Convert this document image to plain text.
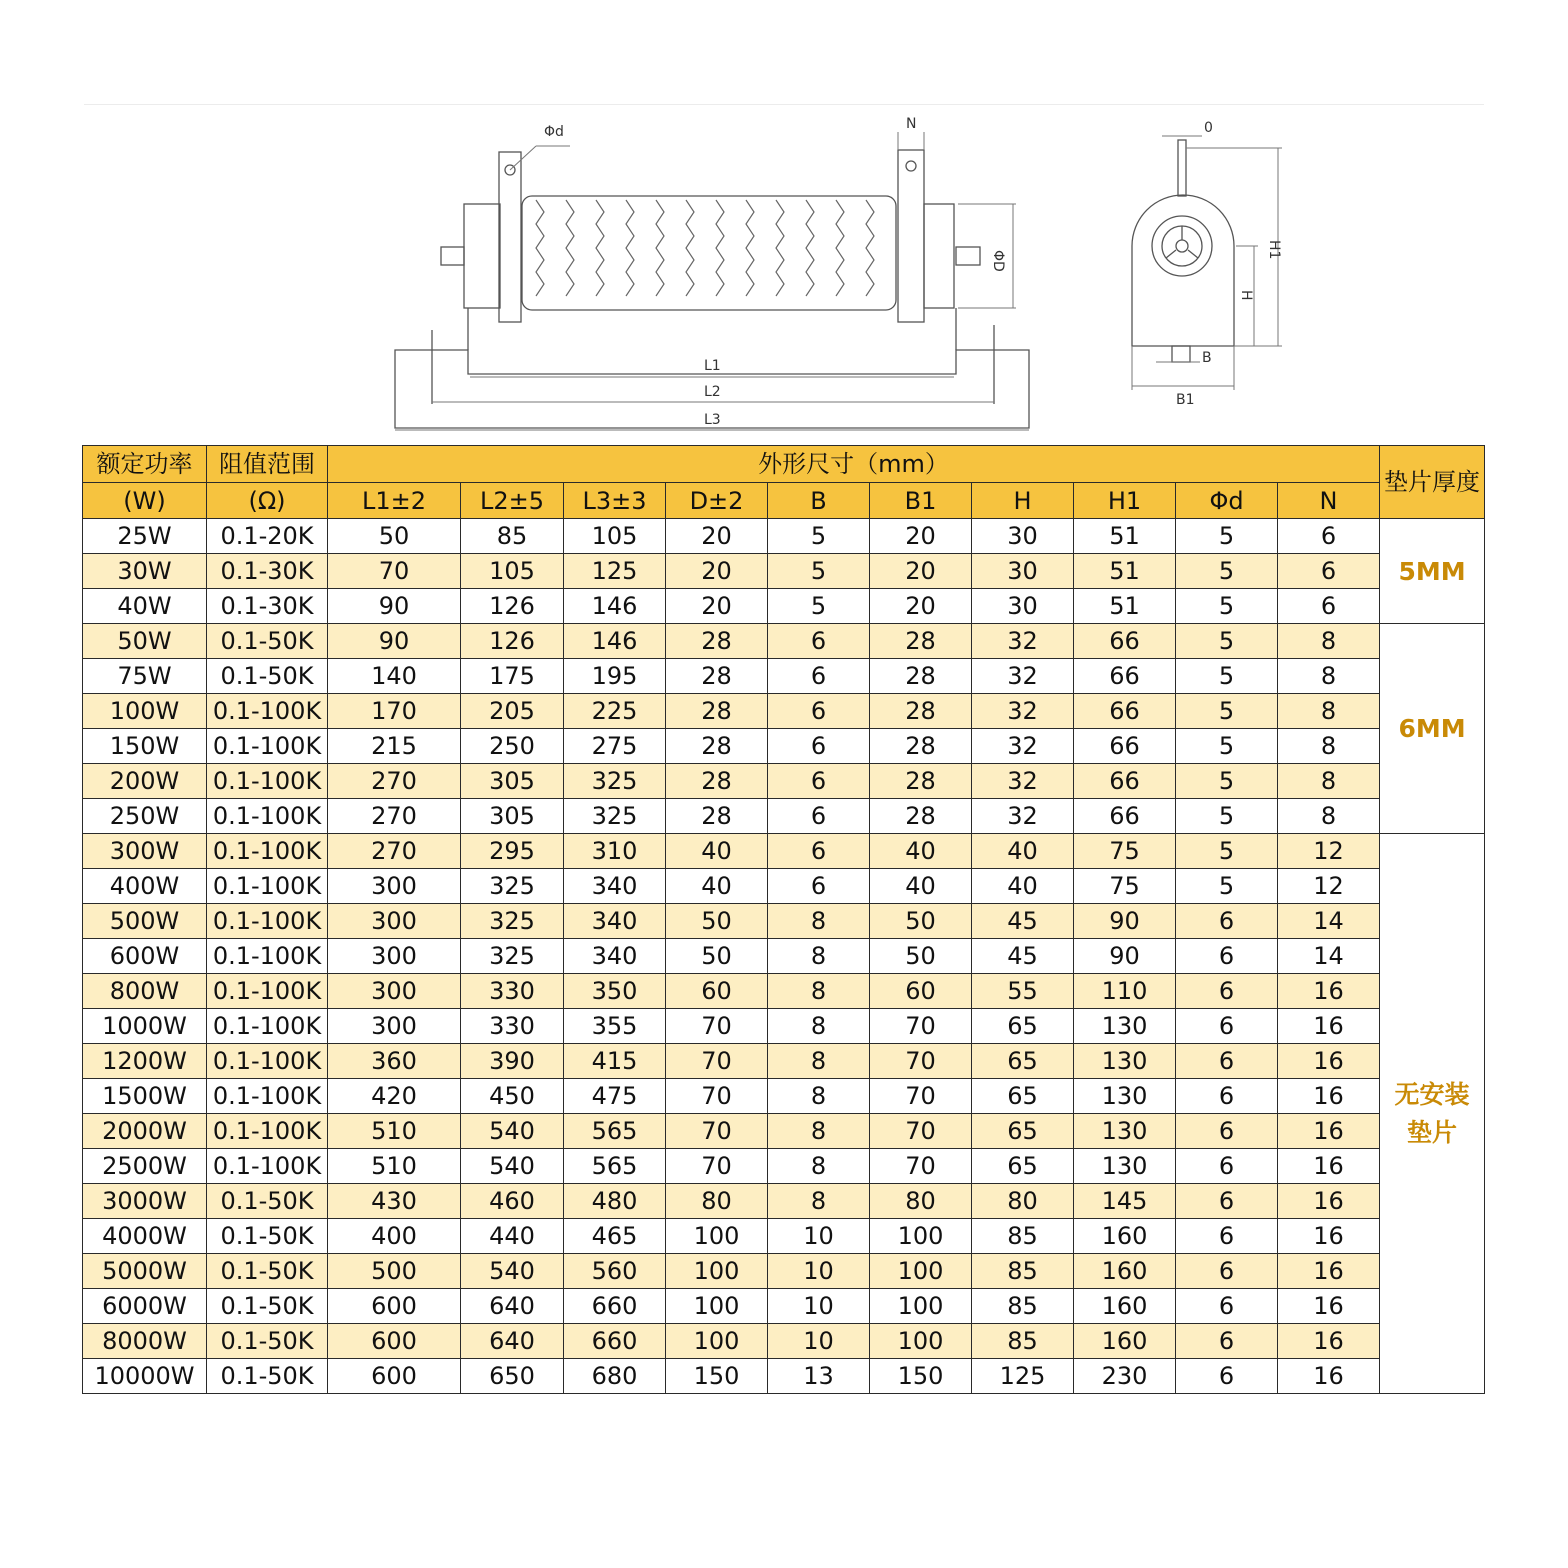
Φd	N
ΦD
L1
L2
L3
0
H1
H
B
B1
额定功率	阻值范围	外形尺寸（mm）										垫片厚度
(W)	(Ω)	L1±2	L2±5	L3±3	D±2	B	B1	H	H1	Φd	N	
25W	0.1-20K	50	85	105	20	5	20	30	51	5	6	5MM
30W	0.1-30K	70	105	125	20	5	20	30	51	5	6	
40W	0.1-30K	90	126	146	20	5	20	30	51	5	6	
50W	0.1-50K	90	126	146	28	6	28	32	66	5	8	6MM
75W	0.1-50K	140	175	195	28	6	28	32	66	5	8	
100W	0.1-100K	170	205	225	28	6	28	32	66	5	8	
150W	0.1-100K	215	250	275	28	6	28	32	66	5	8	
200W	0.1-100K	270	305	325	28	6	28	32	66	5	8	
250W	0.1-100K	270	305	325	28	6	28	32	66	5	8	
300W	0.1-100K	270	295	310	40	6	40	40	75	5	12	无安装
垫片
400W	0.1-100K	300	325	340	40	6	40	40	75	5	12	
500W	0.1-100K	300	325	340	50	8	50	45	90	6	14	
600W	0.1-100K	300	325	340	50	8	50	45	90	6	14	
800W	0.1-100K	300	330	350	60	8	60	55	110	6	16	
1000W	0.1-100K	300	330	355	70	8	70	65	130	6	16	
1200W	0.1-100K	360	390	415	70	8	70	65	130	6	16	
1500W	0.1-100K	420	450	475	70	8	70	65	130	6	16	
2000W	0.1-100K	510	540	565	70	8	70	65	130	6	16	
2500W	0.1-100K	510	540	565	70	8	70	65	130	6	16	
3000W	0.1-50K	430	460	480	80	8	80	80	145	6	16	
4000W	0.1-50K	400	440	465	100	10	100	85	160	6	16	
5000W	0.1-50K	500	540	560	100	10	100	85	160	6	16	
6000W	0.1-50K	600	640	660	100	10	100	85	160	6	16	
8000W	0.1-50K	600	640	660	100	10	100	85	160	6	16	
10000W	0.1-50K	600	650	680	150	13	150	125	230	6	16	
